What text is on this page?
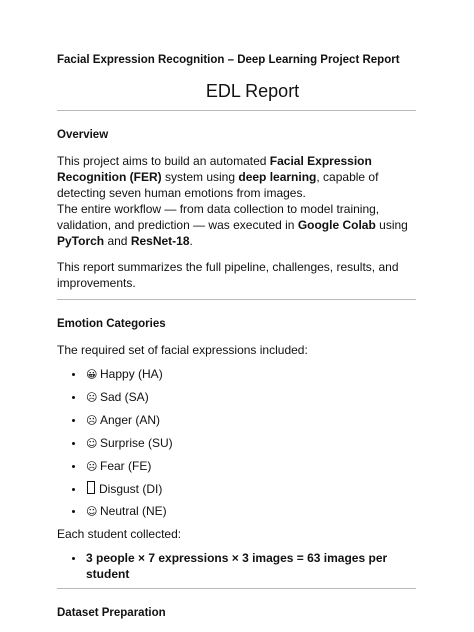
Facial Expression Recognition – Deep Learning Project Report

EDL Report
Overview

This project aims to build an automated Facial Expression Recognition (FER) system using deep learning, capable of detecting seven human emotions from images.

The entire workflow — from data collection to model training, validation, and prediction — was executed in Google Colab using PyTorch and ResNet-18.

This report summarizes the full pipeline, challenges, results, and improvements.

Emotion Categories

The required set of facial expressions included:

😀 Happy (HA)
☹ Sad (SA)
☹ Anger (AN)
☺ Surprise (SU)
☹ Fear (FE)
Disgust (DI)
☺ Neutral (NE)

Each student collected:

3 people × 7 expressions × 3 images = 63 images per student
Dataset Preparation
